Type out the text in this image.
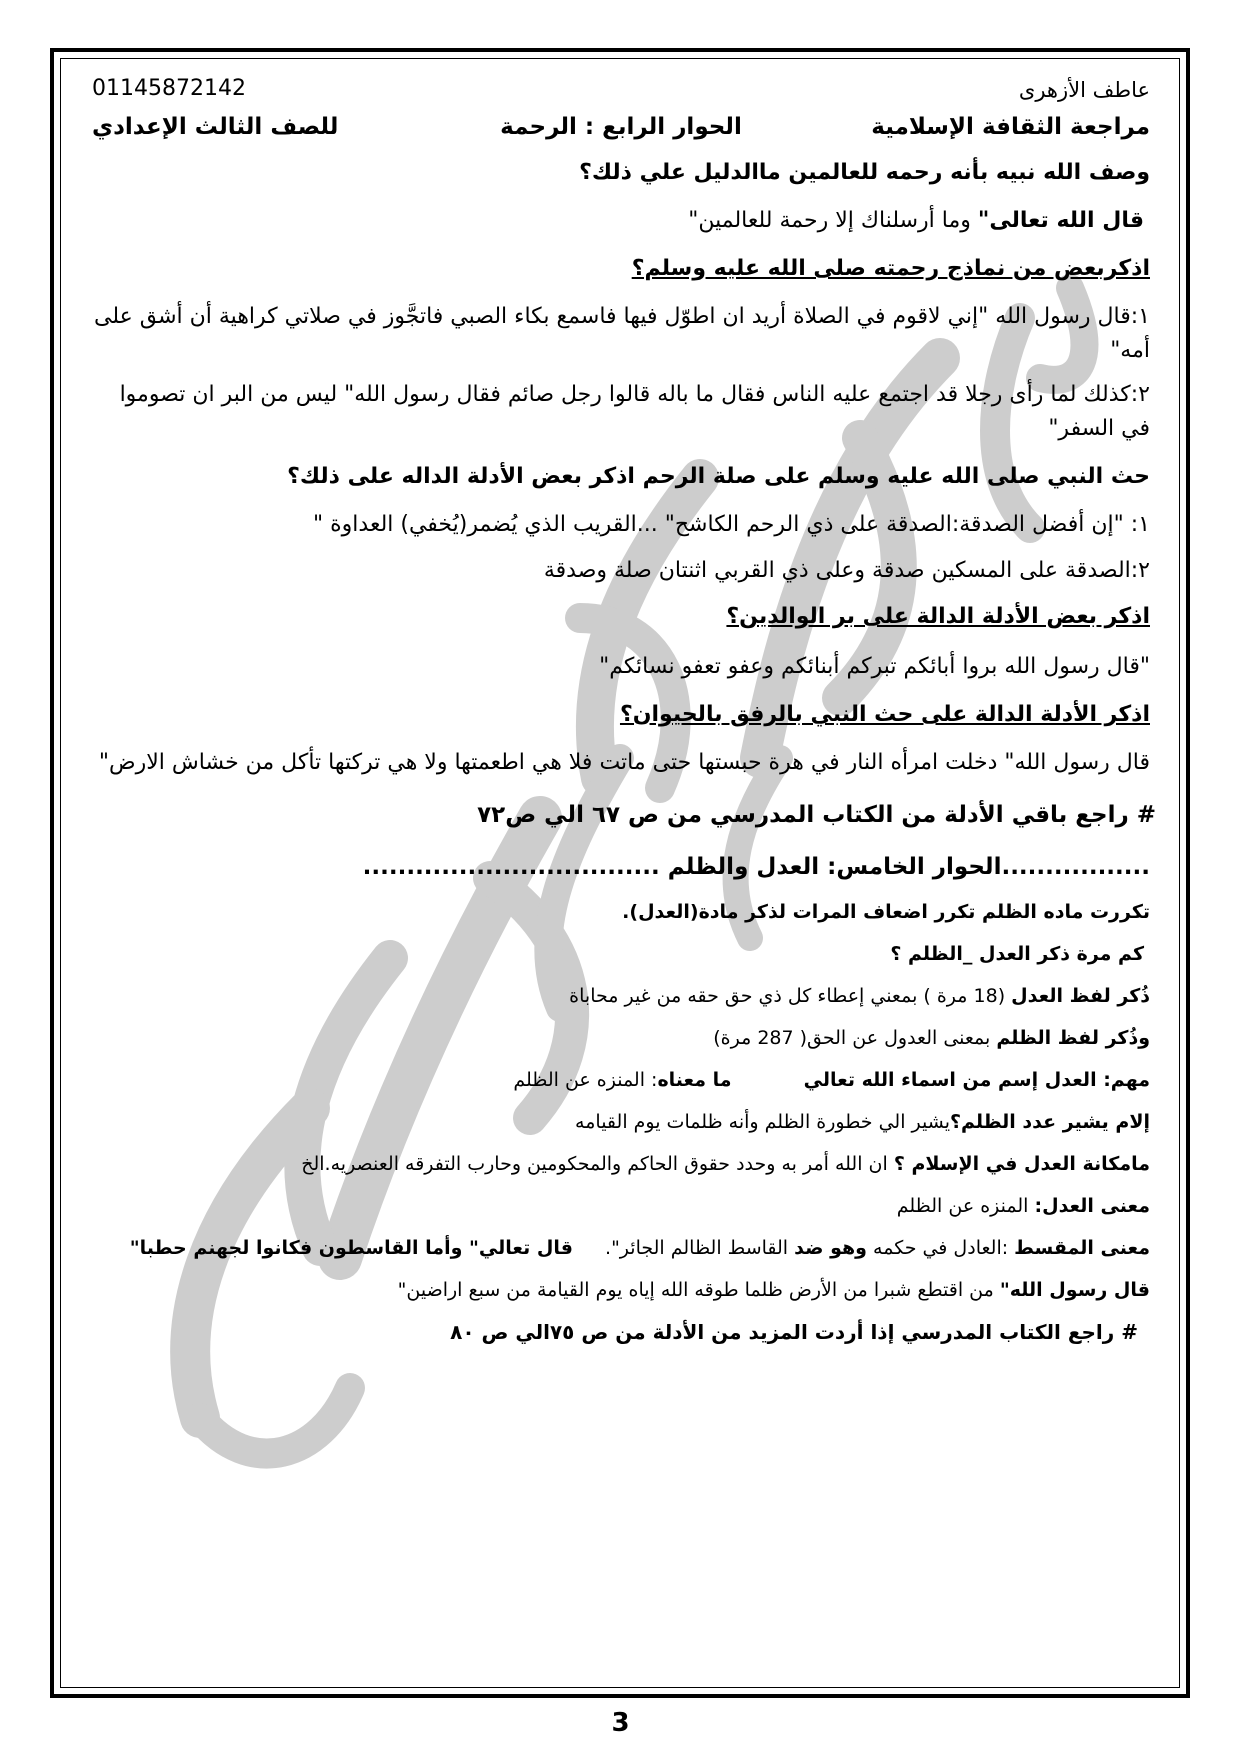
عاطف الأزهرى
01145872142
مراجعة الثقافة الإسلامية
الحوار الرابع : الرحمة
للصف الثالث الإعدادي
وصف الله نبيه بأنه رحمه للعالمين ماالدليل علي ذلك؟
قال الله تعالى" وما أرسلناك إلا رحمة للعالمين"
اذكربعض من نماذج رحمته صلى الله عليه وسلم؟
١:قال رسول الله "إني لاقوم في الصلاة أريد ان اطوّل فيها فاسمع بكاء الصبي فاتجَّوز في صلاتي كراهية أن أشق على أمه"
٢:كذلك لما رأى رجلا قد اجتمع عليه الناس فقال ما باله قالوا رجل صائم فقال رسول الله" ليس من البر ان تصوموا في السفر"
حث النبي صلى الله عليه وسلم على صلة الرحم اذكر بعض الأدلة الداله على ذلك؟
١: "إن أفضل الصدقة:الصدقة على ذي الرحم الكاشح" ...القريب الذي يُضمر(يُخفي) العداوة "
٢:الصدقة على المسكين صدقة وعلى ذي القربي اثنتان صلة وصدقة
اذكر بعض الأدلة الدالة على بر الوالدين؟
"قال رسول الله بروا أبائكم تبركم أبنائكم وعفو تعفو نسائكم"
اذكر الأدلة الدالة على حث النبي بالرفق بالحيوان؟
قال رسول الله" دخلت امرأه النار في هرة حبستها حتى ماتت فلا هي اطعمتها ولا هي تركتها تأكل من خشاش الارض"
# راجع باقي الأدلة من الكتاب المدرسي من ص ٦٧ الي ص٧٢
.................الحوار الخامس: العدل والظلم ..................................
تكررت ماده الظلم تكرر اضعاف المرات لذكر مادة(العدل).
كم مرة ذكر العدل _الظلم ؟
ذُكر لفظ العدل (18 مرة ) بمعني إعطاء كل ذي حق حقه من غير محاباة
وذُكر لفظ الظلم بمعنى العدول عن الحق( 287 مرة)
مهم: العدل إسم من اسماء الله تعالي  ما معناه: المنزه عن الظلم
إلام يشير عدد الظلم؟يشير الي خطورة الظلم وأنه ظلمات يوم القيامه
مامكانة العدل في الإسلام ؟ ان الله أمر به وحدد حقوق الحاكم والمحكومين وحارب التفرقه العنصريه.الخ
معنى العدل: المنزه عن الظلم
معنى المقسط :العادل في حكمه وهو ضد القاسط الظالم الجائر".  قال تعالي" وأما القاسطون فكانوا لجهنم حطبا"
قال رسول الله" من اقتطع شبرا من الأرض ظلما طوقه الله إياه يوم القيامة من سبع اراضين"
# راجع الكتاب المدرسي إذا أردت المزيد من الأدلة من ص ٧٥الي ص ٨٠
3
